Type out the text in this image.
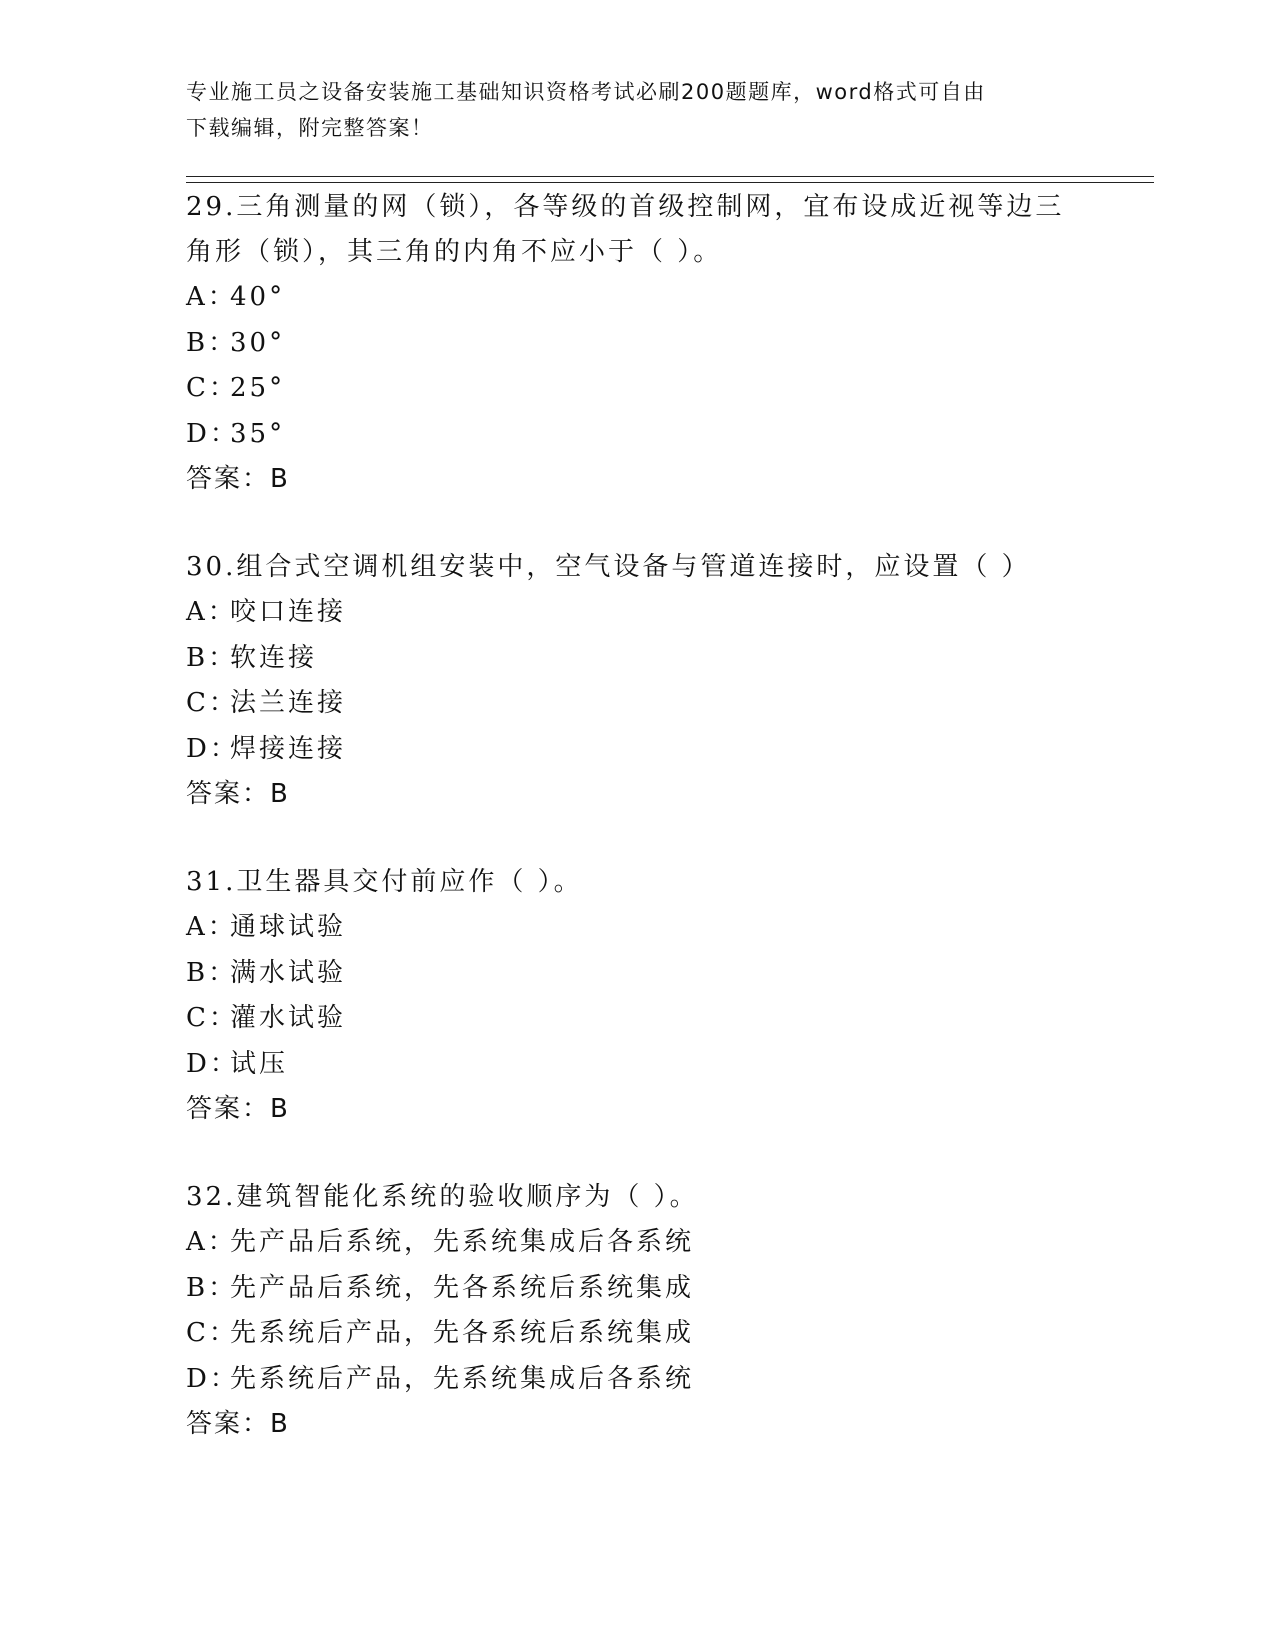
专业施工员之设备安装施工基础知识资格考试必刷200题题库，word格式可自由
下载编辑，附完整答案！

29.三角测量的网（锁），各等级的首级控制网，宜布设成近视等边三角形（锁），其三角的内角不应小于（ ）。

A：40°
B：30°
C：25°
D：35°
答案：B

30.组合式空调机组安装中，空气设备与管道连接时，应设置（ ）

A：咬口连接
B：软连接
C：法兰连接
D：焊接连接
答案：B

31.卫生器具交付前应作（ ）。

A：通球试验
B：满水试验
C：灌水试验
D：试压
答案：B

32.建筑智能化系统的验收顺序为（ ）。

A：先产品后系统，先系统集成后各系统
B：先产品后系统，先各系统后系统集成
C：先系统后产品，先各系统后系统集成
D：先系统后产品，先系统集成后各系统
答案：B
